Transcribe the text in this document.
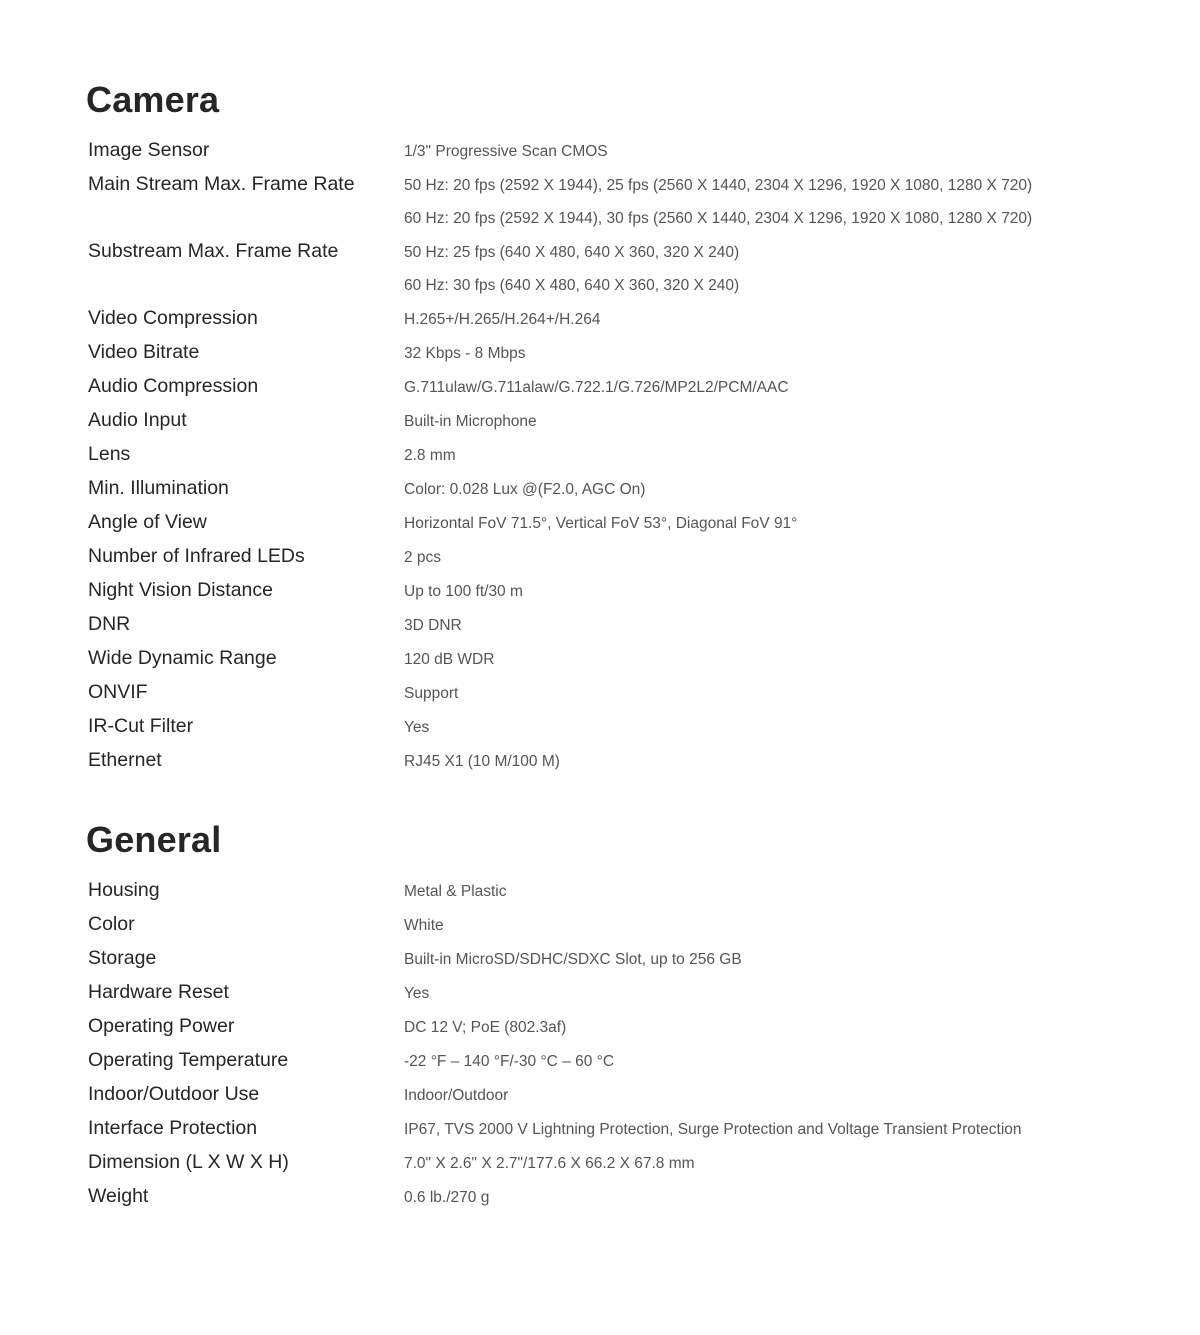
Camera
Image Sensor	1/3" Progressive Scan CMOS
Main Stream Max. Frame Rate	50 Hz: 20 fps (2592 X 1944), 25 fps (2560 X 1440, 2304 X 1296, 1920 X 1080, 1280 X 720)
60 Hz: 20 fps (2592 X 1944), 30 fps (2560 X 1440, 2304 X 1296, 1920 X 1080, 1280 X 720)
Substream Max. Frame Rate	50 Hz: 25 fps (640 X 480, 640 X 360, 320 X 240)
60 Hz: 30 fps (640 X 480, 640 X 360, 320 X 240)
Video Compression	H.265+/H.265/H.264+/H.264
Video Bitrate	32 Kbps - 8 Mbps
Audio Compression	G.711ulaw/G.711alaw/G.722.1/G.726/MP2L2/PCM/AAC
Audio Input	Built-in Microphone
Lens	2.8 mm
Min. Illumination	Color: 0.028 Lux @(F2.0, AGC On)
Angle of View	Horizontal FoV 71.5°, Vertical FoV 53°, Diagonal FoV 91°
Number of Infrared LEDs	2 pcs
Night Vision Distance	Up to 100 ft/30 m
DNR	3D DNR
Wide Dynamic Range	120 dB WDR
ONVIF	Support
IR-Cut Filter	Yes
Ethernet	RJ45 X1 (10 M/100 M)
General
Housing	Metal & Plastic
Color	White
Storage	Built-in MicroSD/SDHC/SDXC Slot, up to 256 GB
Hardware Reset	Yes
Operating Power	DC 12 V; PoE (802.3af)
Operating Temperature	-22 °F – 140 °F/-30 °C – 60 °C
Indoor/Outdoor Use	Indoor/Outdoor
Interface Protection	IP67, TVS 2000 V Lightning Protection, Surge Protection and Voltage Transient Protection
Dimension (L X W X H)	7.0" X 2.6" X 2.7"/177.6 X 66.2 X 67.8 mm
Weight	0.6 lb./270 g
